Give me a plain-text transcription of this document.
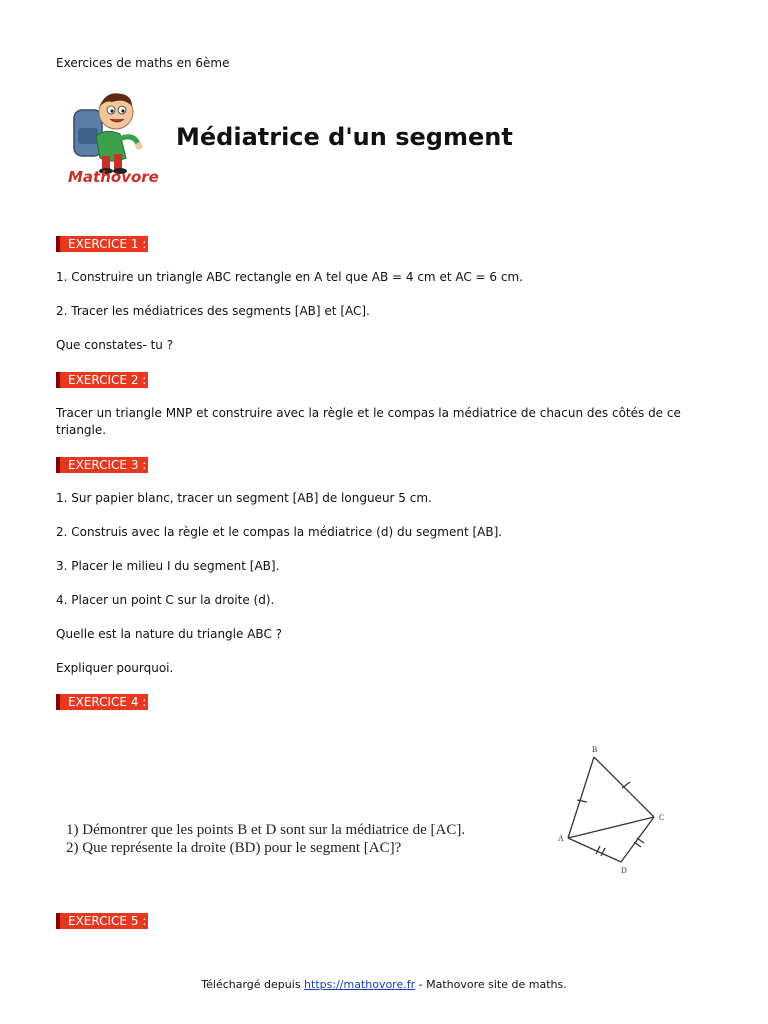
Exercices de maths en 6ème
Mathovore
Médiatrice d'un segment
EXERCICE 1 :
1. Construire un triangle ABC rectangle en A tel que AB = 4 cm et AC = 6 cm.
2. Tracer les médiatrices des segments [AB] et [AC].
Que constates- tu ?
EXERCICE 2 :
Tracer un triangle MNP et construire avec la règle et le compas la médiatrice de chacun des côtés de ce triangle.
EXERCICE 3 :
1. Sur papier blanc, tracer un segment [AB] de longueur 5 cm.
2. Construis avec la règle et le compas la médiatrice (d) du segment [AB].
3. Placer le milieu I du segment [AB].
4. Placer un point C sur la droite (d).
Quelle est la nature du triangle ABC ?
Expliquer pourquoi.
EXERCICE 4 :
1) Démontrer que les points B et D sont sur la médiatrice de [AC].
2) Que représente la droite (BD) pour le segment [AC]?
B
A
C
D
EXERCICE 5 :
Téléchargé depuis https://mathovore.fr - Mathovore site de maths.
